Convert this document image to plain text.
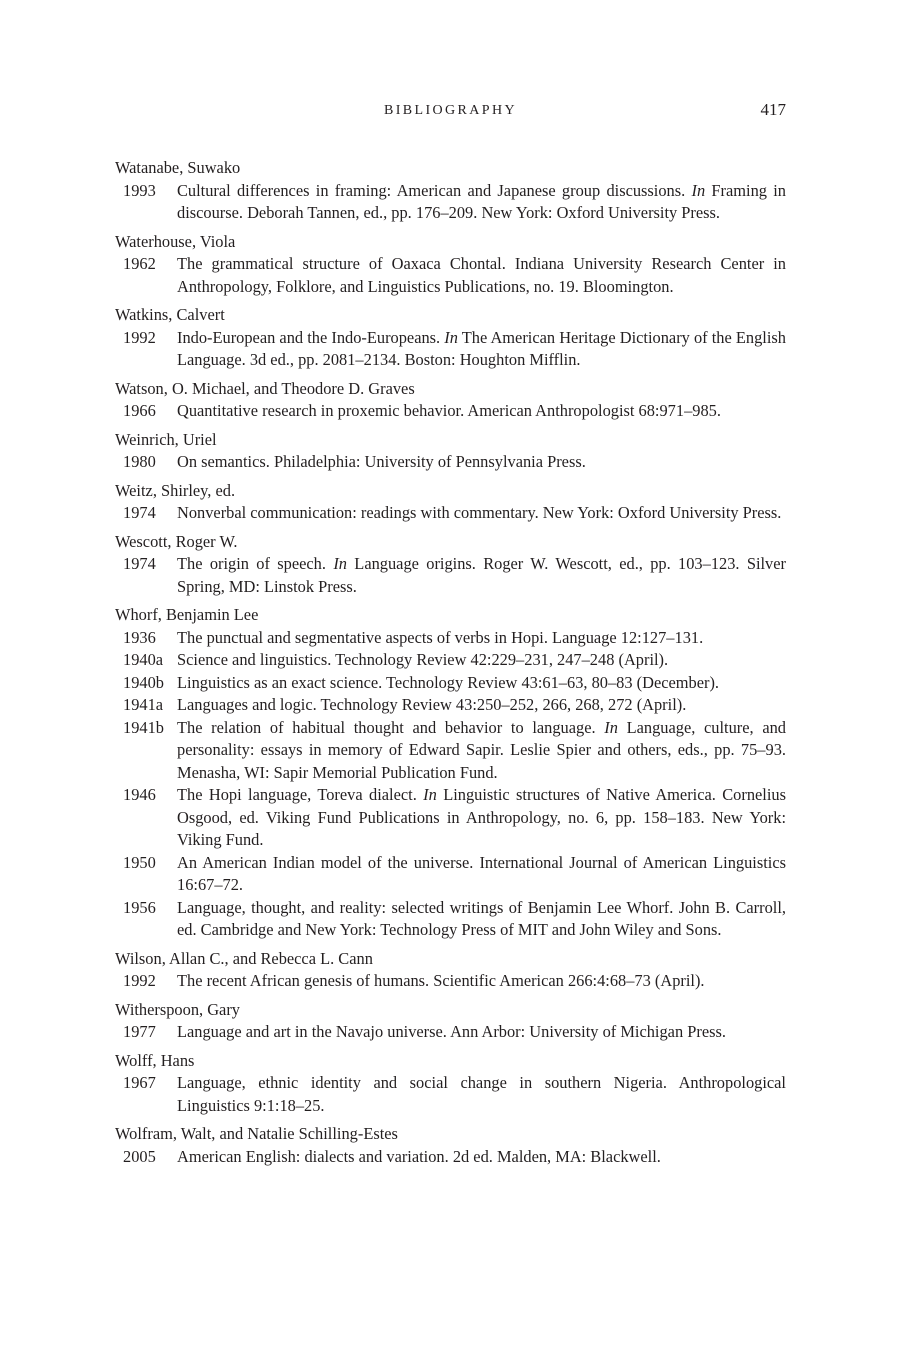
BIBLIOGRAPHY	417
Watanabe, Suwako
1993	Cultural differences in framing: American and Japanese group discussions. In Framing in discourse. Deborah Tannen, ed., pp. 176–209. New York: Oxford University Press.
Waterhouse, Viola
1962	The grammatical structure of Oaxaca Chontal. Indiana University Research Center in Anthropology, Folklore, and Linguistics Publications, no. 19. Bloomington.
Watkins, Calvert
1992	Indo-European and the Indo-Europeans. In The American Heritage Dictionary of the English Language. 3d ed., pp. 2081–2134. Boston: Houghton Mifflin.
Watson, O. Michael, and Theodore D. Graves
1966	Quantitative research in proxemic behavior. American Anthropologist 68:971–985.
Weinrich, Uriel
1980	On semantics. Philadelphia: University of Pennsylvania Press.
Weitz, Shirley, ed.
1974	Nonverbal communication: readings with commentary. New York: Oxford University Press.
Wescott, Roger W.
1974	The origin of speech. In Language origins. Roger W. Wescott, ed., pp. 103–123. Silver Spring, MD: Linstok Press.
Whorf, Benjamin Lee
1936	The punctual and segmentative aspects of verbs in Hopi. Language 12:127–131.
1940a Science and linguistics. Technology Review 42:229–231, 247–248 (April).
1940b Linguistics as an exact science. Technology Review 43:61–63, 80–83 (December).
1941a Languages and logic. Technology Review 43:250–252, 266, 268, 272 (April).
1941b The relation of habitual thought and behavior to language. In Language, culture, and personality: essays in memory of Edward Sapir. Leslie Spier and others, eds., pp. 75–93. Menasha, WI: Sapir Memorial Publication Fund.
1946	The Hopi language, Toreva dialect. In Linguistic structures of Native America. Cornelius Osgood, ed. Viking Fund Publications in Anthropology, no. 6, pp. 158–183. New York: Viking Fund.
1950	An American Indian model of the universe. International Journal of American Linguistics 16:67–72.
1956	Language, thought, and reality: selected writings of Benjamin Lee Whorf. John B. Carroll, ed. Cambridge and New York: Technology Press of MIT and John Wiley and Sons.
Wilson, Allan C., and Rebecca L. Cann
1992	The recent African genesis of humans. Scientific American 266:4:68–73 (April).
Witherspoon, Gary
1977	Language and art in the Navajo universe. Ann Arbor: University of Michigan Press.
Wolff, Hans
1967	Language, ethnic identity and social change in southern Nigeria. Anthropological Linguistics 9:1:18–25.
Wolfram, Walt, and Natalie Schilling-Estes
2005	American English: dialects and variation. 2d ed. Malden, MA: Blackwell.
